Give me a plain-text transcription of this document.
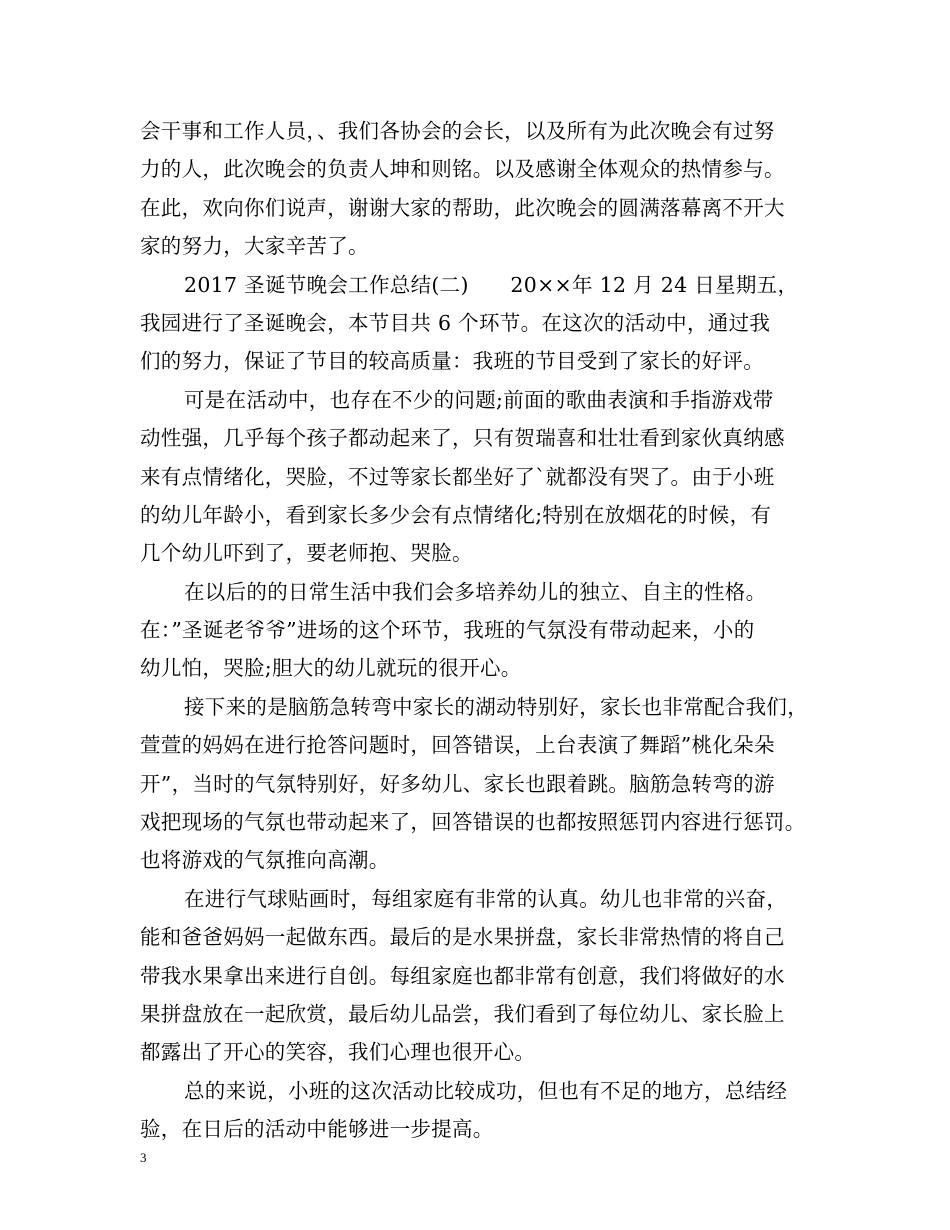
会干事和工作人员，、我们各协会的会长，以及所有为此次晚会有过努
力的人，此次晚会的负责人坤和则铭。以及感谢全体观众的热情参与。
在此，欢向你们说声，谢谢大家的帮助，此次晚会的圆满落幕离不开大
家的努力，大家辛苦了。
2017 圣诞节晚会工作总结(二)　　20××年 12 月 24 日星期五，
我园进行了圣诞晚会，本节目共 6 个环节。在这次的活动中，通过我
们的努力，保证了节目的较高质量：我班的节目受到了家长的好评。
可是在活动中，也存在不少的问题;前面的歌曲表演和手指游戏带
动性强，几乎每个孩子都动起来了，只有贺瑞喜和壮壮看到家伙真纳感
来有点情绪化，哭脸，不过等家长都坐好了`就都没有哭了。由于小班
的幼儿年龄小，看到家长多少会有点情绪化;特别在放烟花的时候，有
几个幼儿吓到了，要老师抱、哭脸。
在以后的的日常生活中我们会多培养幼儿的独立、自主的性格。
在：”圣诞老爷爷”进场的这个环节，我班的气氛没有带动起来，小的
幼儿怕，哭脸;胆大的幼儿就玩的很开心。
接下来的是脑筋急转弯中家长的湖动特别好，家长也非常配合我们，
萱萱的妈妈在进行抢答问题时，回答错误，上台表演了舞蹈”桃化朵朵
开”，当时的气氛特别好，好多幼儿、家长也跟着跳。脑筋急转弯的游
戏把现场的气氛也带动起来了，回答错误的也都按照惩罚内容进行惩罚。
也将游戏的气氛推向高潮。
在进行气球贴画时，每组家庭有非常的认真。幼儿也非常的兴奋，
能和爸爸妈妈一起做东西。最后的是水果拼盘，家长非常热情的将自己
带我水果拿出来进行自创。每组家庭也都非常有创意，我们将做好的水
果拼盘放在一起欣赏，最后幼儿品尝，我们看到了每位幼儿、家长脸上
都露出了开心的笑容，我们心理也很开心。
总的来说，小班的这次活动比较成功，但也有不足的地方，总结经
验，在日后的活动中能够进一步提高。
3
